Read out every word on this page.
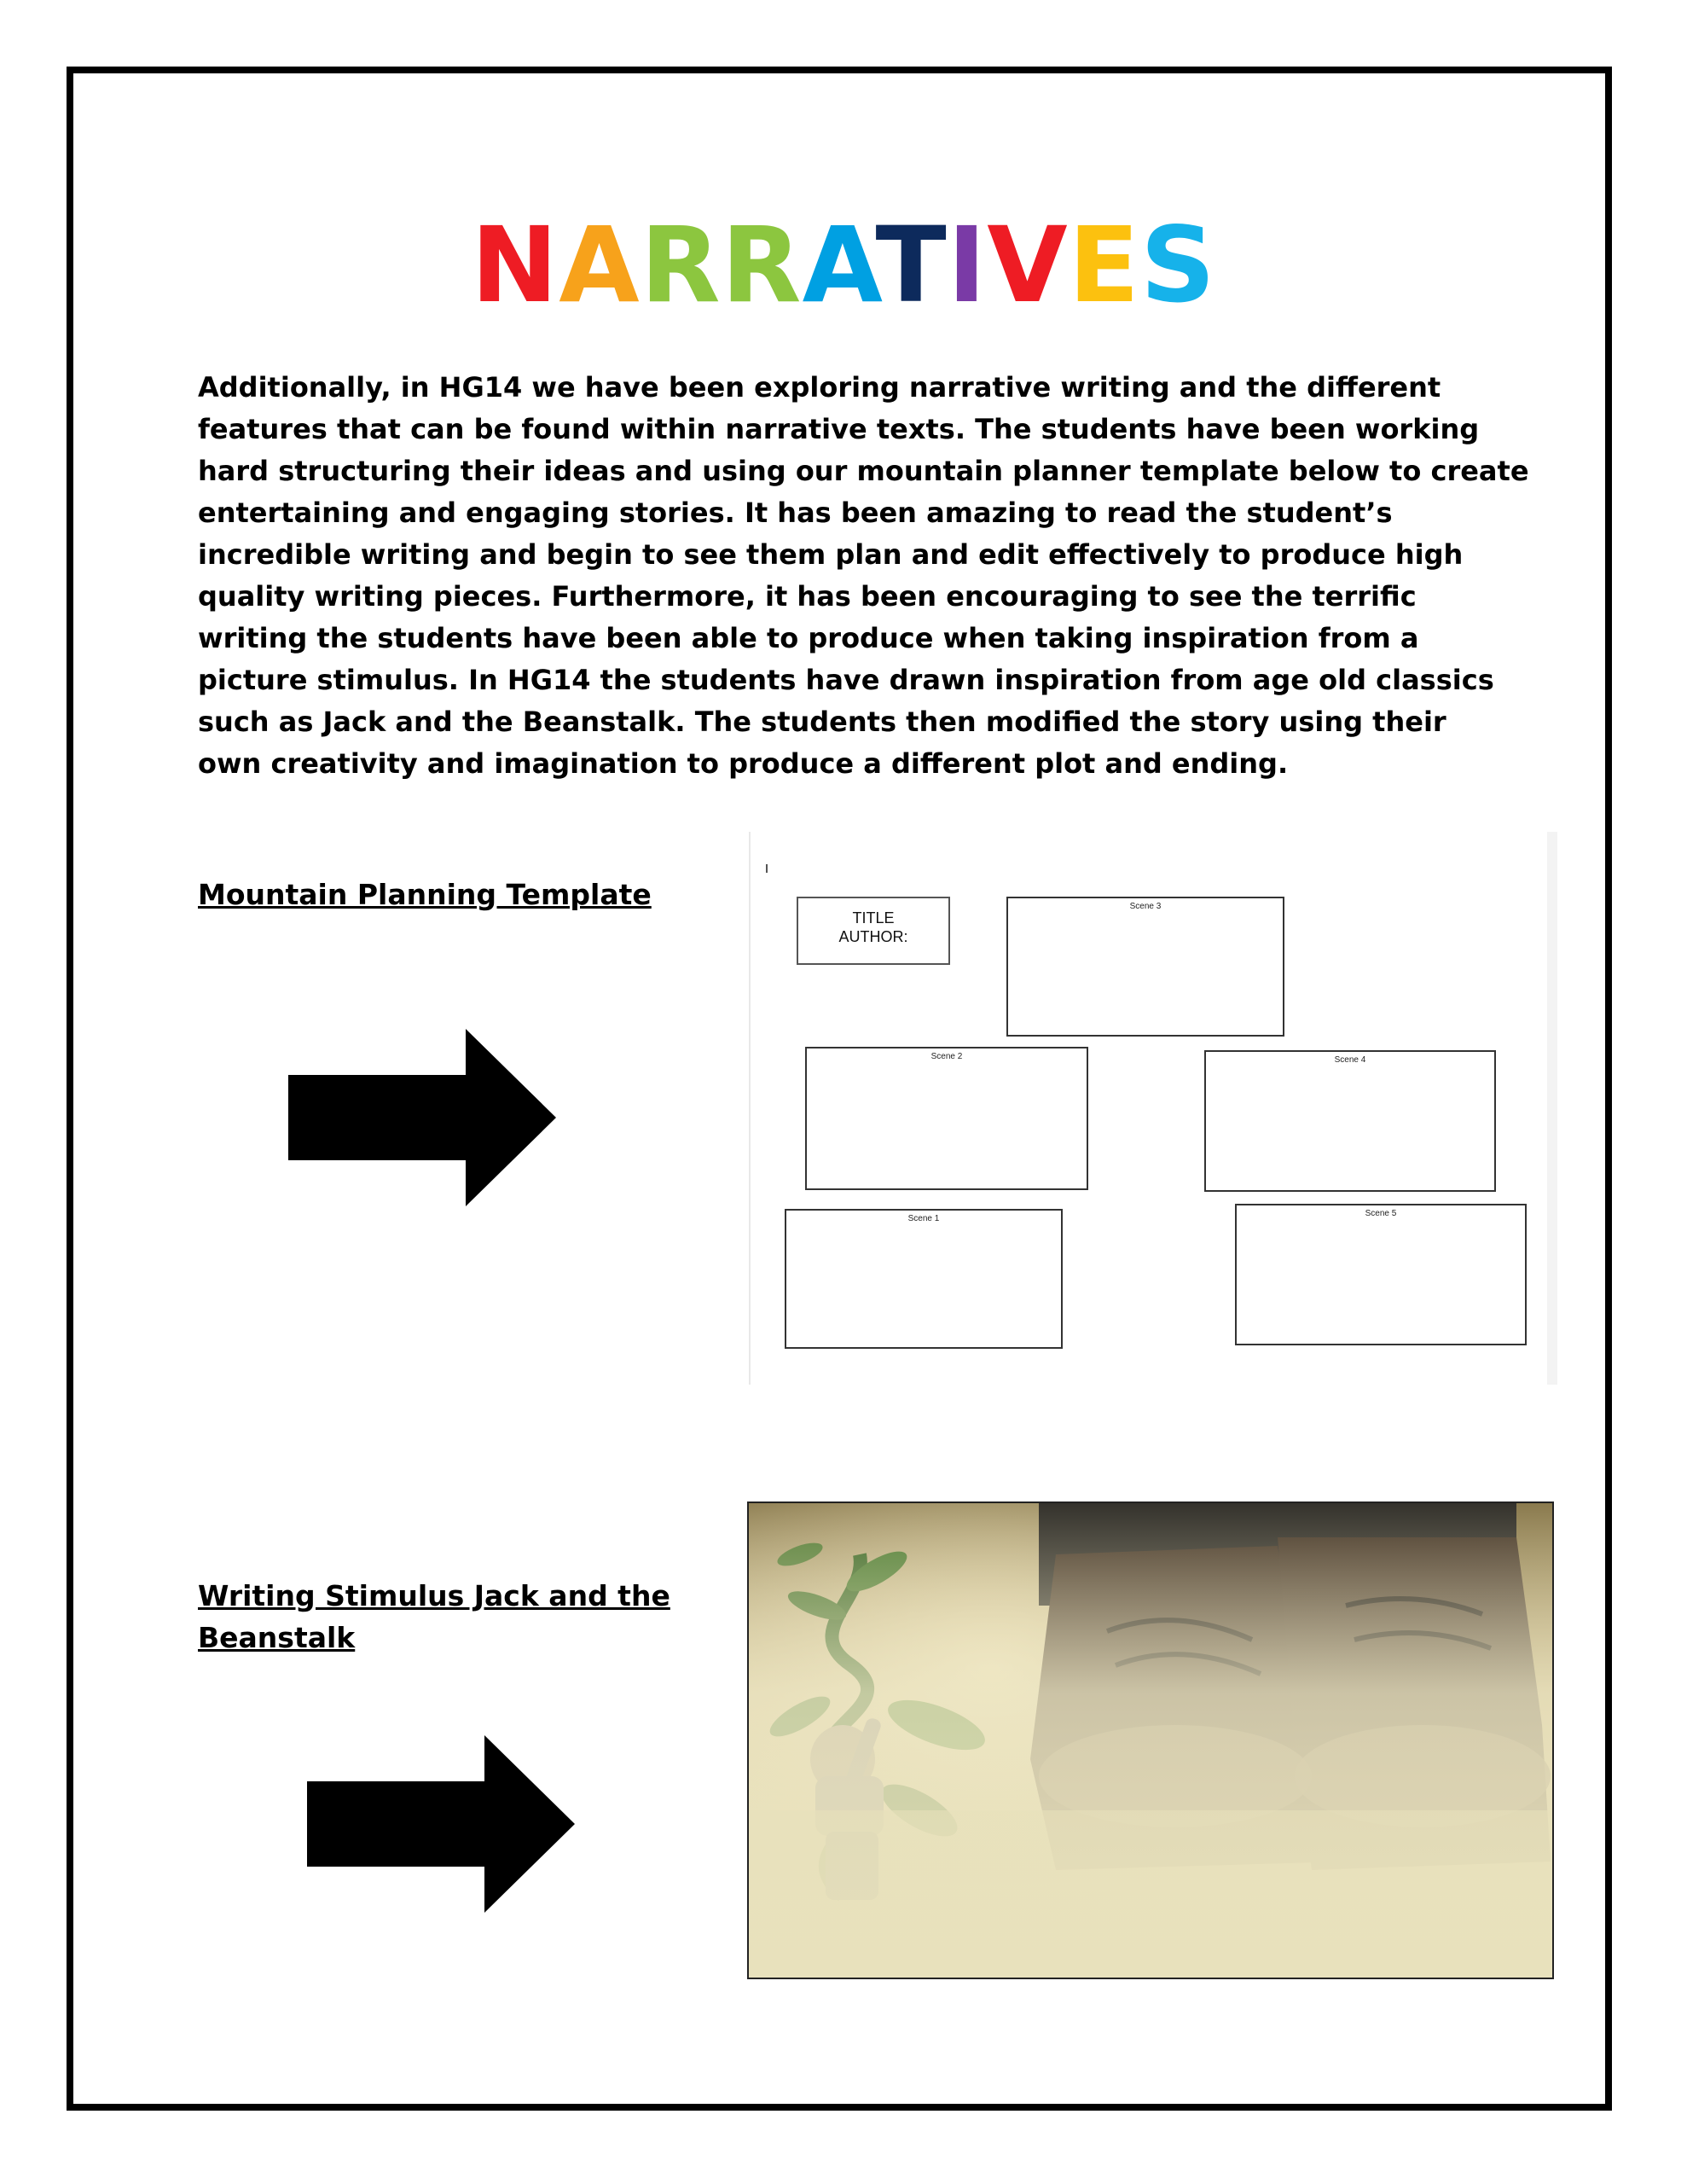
NARRATIVES
Additionally, in HG14 we have been exploring narrative writing and the different
features that can be found within narrative texts. The students have been working
hard structuring their ideas and using our mountain planner template below to create
entertaining and engaging stories. It has been amazing to read the student’s
incredible writing and begin to see them plan and edit effectively to produce high
quality writing pieces. Furthermore, it has been encouraging to see the terrific
writing the students have been able to produce when taking inspiration from a
picture stimulus. In HG14 the students have drawn inspiration from age old classics
such as Jack and the Beanstalk. The students then modified the story using their
own creativity and imagination to produce a different plot and ending.
Mountain Planning Template
TITLE
AUTHOR:
Scene 3
Scene 2	Scene 4
Scene 1
Scene 5
Writing Stimulus Jack and the
Beanstalk
